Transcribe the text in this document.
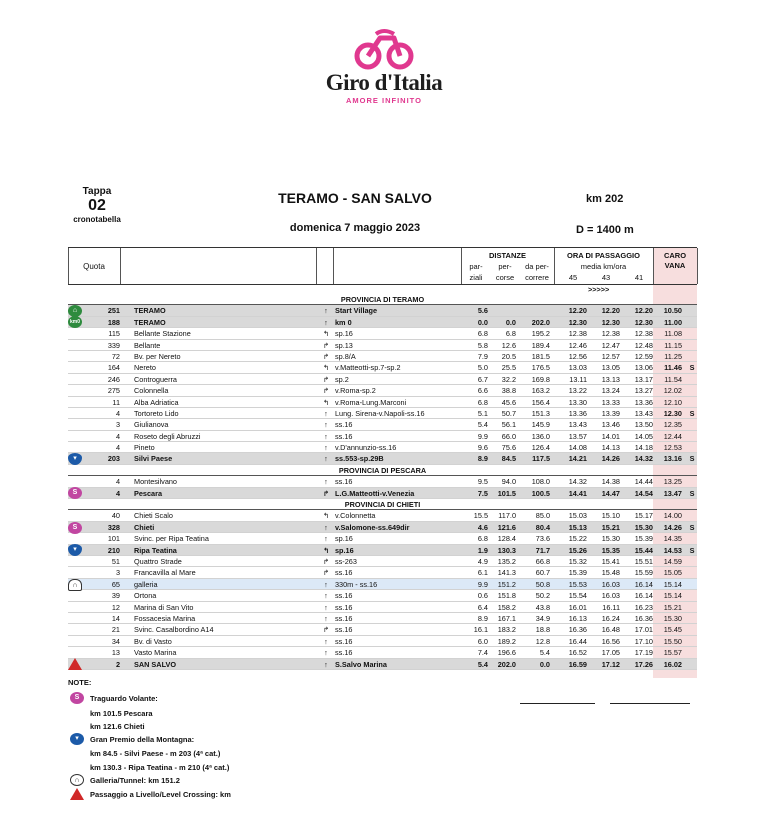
Giro d'Italia
AMORE INFINITO
Tappa
02
cronotabella
TERAMO - SAN SALVO
domenica 7 maggio 2023
km 202
D = 1400 m
Quota
DISTANZE
par-
ziali
per-
corse
da per-
correre
ORA DI PASSAGGIO
media km/ora
45	43	41
CARO
VANA
>>>>>
PROVINCIA DI TERAMO
251 TERAMO	↑ Start Village	5.6	12.20	12.20	12.20	10.50
188 TERAMO	↑ km 0	0.0	0.0	202.0	12.30	12.30	12.30	11.00
115 Bellante Stazione	↰ sp.16	6.8	6.8	195.2	12.38	12.38	12.38	11.08
339 Bellante	↱ sp.13	5.8	12.6	189.4	12.46	12.47	12.48	11.15
72 Bv. per Nereto	↱ sp.8/A	7.9	20.5	181.5	12.56	12.57	12.59	11.25
164 Nereto	↰ v.Matteotti-sp.7-sp.2	5.0	25.5	176.5	13.03	13.05	13.06	11.46	S
246 Controguerra	↱ sp.2	6.7	32.2	169.8	13.11	13.13	13.17	11.54
275 Colonnella	↱ v.Roma-sp.2	6.6	38.8	163.2	13.22	13.24	13.27	12.02
11 Alba Adriatica	↰ v.Roma-Lung.Marconi	6.8	45.6	156.4	13.30	13.33	13.36	12.10
4 Tortoreto Lido	↑ Lung. Sirena-v.Napoli-ss.16	5.1	50.7	151.3	13.36	13.39	13.43	12.30	S
3 Giulianova	↑ ss.16	5.4	56.1	145.9	13.43	13.46	13.50	12.35
4 Roseto degli Abruzzi	↑ ss.16	9.9	66.0	136.0	13.57	14.01	14.05	12.44
4 Pineto	↑ v.D'annunzio-ss.16	9.6	75.6	126.4	14.08	14.13	14.18	12.53
203 Silvi Paese	↑ ss.553-sp.29B	8.9	84.5	117.5	14.21	14.26	14.32	13.16	S
PROVINCIA DI PESCARA
4 Montesilvano	↑ ss.16	9.5	94.0	108.0	14.32	14.38	14.44	13.25
4 Pescara	↱ L.G.Matteotti-v.Venezia	7.5	101.5	100.5	14.41	14.47	14.54	13.47	S
PROVINCIA DI CHIETI
40 Chieti Scalo	↰ v.Colonnetta	15.5	117.0	85.0	15.03	15.10	15.17	14.00
328 Chieti	↑ v.Salomone-ss.649dir	4.6	121.6	80.4	15.13	15.21	15.30	14.26	S
101 Svinc. per Ripa Teatina	↑ sp.16	6.8	128.4	73.6	15.22	15.30	15.39	14.35
210 Ripa Teatina	↰ sp.16	1.9	130.3	71.7	15.26	15.35	15.44	14.53	S
51 Quattro Strade	↱ ss-263	4.9	135.2	66.8	15.32	15.41	15.51	14.59
3 Francavilla al Mare	↱ ss.16	6.1	141.3	60.7	15.39	15.48	15.59	15.05
65 galleria	↑ 330m - ss.16	9.9	151.2	50.8	15.53	16.03	16.14	15.14
39 Ortona	↑ ss.16	0.6	151.8	50.2	15.54	16.03	16.14	15.14
12 Marina di San Vito	↑ ss.16	6.4	158.2	43.8	16.01	16.11	16.23	15.21
14 Fossacesia Marina	↑ ss.16	8.9	167.1	34.9	16.13	16.24	16.36	15.30
21 Svinc. Casalbordino A14	↱ ss.16	16.1	183.2	18.8	16.36	16.48	17.01	15.45
34 Bv. di Vasto	↑ ss.16	6.0	189.2	12.8	16.44	16.56	17.10	15.50
13 Vasto Marina	↑ ss.16	7.4	196.6	5.4	16.52	17.05	17.19	15.57
2 SAN SALVO	↑ S.Salvo Marina	5.4	202.0	0.0	16.59	17.12	17.26	16.02
⌂
km0
▾
S
S
▾
∩
NOTE:
S	Traguardo Volante:
km 101.5 Pescara
km 121.6 Chieti
▾	Gran Premio della Montagna:
km 84.5 - Silvi Paese - m 203 (4ª cat.)
km 130.3 - Ripa Teatina - m 210 (4ª cat.)
∩	Galleria/Tunnel: km 151.2
Passaggio a Livello/Level Crossing: km
